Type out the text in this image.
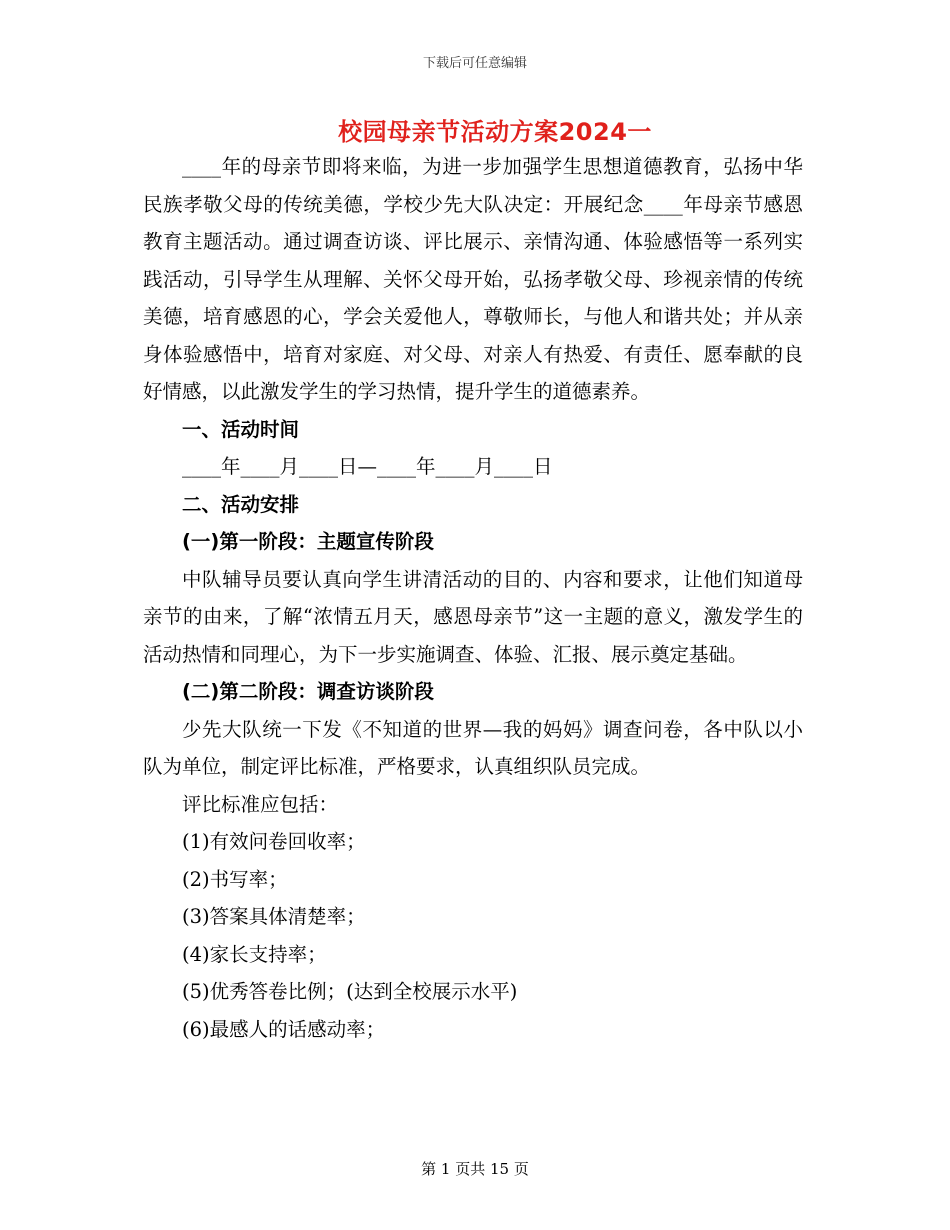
下载后可任意编辑
校园母亲节活动方案2024一

____年的母亲节即将来临，为进一步加强学生思想道德教育，弘扬中华民族孝敬父母的传统美德，学校少先大队决定：开展纪念____年母亲节感恩教育主题活动。通过调查访谈、评比展示、亲情沟通、体验感悟等一系列实践活动，引导学生从理解、关怀父母开始，弘扬孝敬父母、珍视亲情的传统美德，培育感恩的心，学会关爱他人，尊敬师长，与他人和谐共处；并从亲身体验感悟中，培育对家庭、对父母、对亲人有热爱、有责任、愿奉献的良好情感，以此激发学生的学习热情，提升学生的道德素养。

一、活动时间

____年____月____日—____年____月____日

二、活动安排

(一)第一阶段：主题宣传阶段

中队辅导员要认真向学生讲清活动的目的、内容和要求，让他们知道母亲节的由来，了解“浓情五月天，感恩母亲节”这一主题的意义，激发学生的活动热情和同理心，为下一步实施调查、体验、汇报、展示奠定基础。

(二)第二阶段：调查访谈阶段

少先大队统一下发《不知道的世界—我的妈妈》调查问卷，各中队以小队为单位，制定评比标准，严格要求，认真组织队员完成。

评比标准应包括：

(1)有效问卷回收率；

(2)书写率；

(3)答案具体清楚率；

(4)家长支持率；

(5)优秀答卷比例；(达到全校展示水平)

(6)最感人的话感动率；

第 1 页共 15 页
